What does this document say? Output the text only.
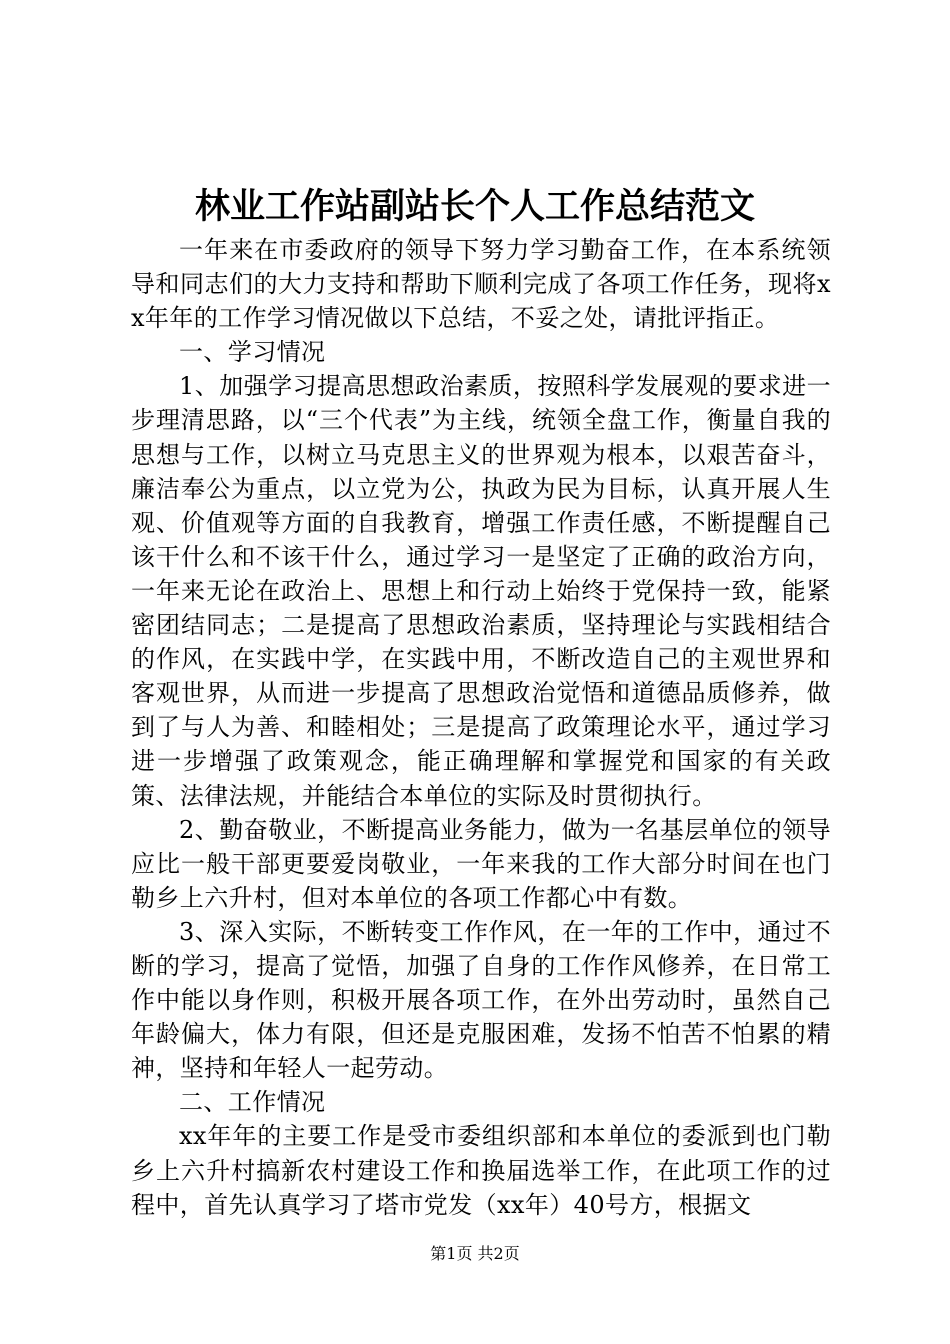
林业工作站副站长个人工作总结范文

一年来在市委政府的领导下努力学习勤奋工作，在本系统领导和同志们的大力支持和帮助下顺利完成了各项工作任务，现将xx年年的工作学习情况做以下总结，不妥之处，请批评指正。

一、学习情况

1、加强学习提高思想政治素质，按照科学发展观的要求进一步理清思路，以“三个代表”为主线，统领全盘工作，衡量自我的思想与工作，以树立马克思主义的世界观为根本，以艰苦奋斗，廉洁奉公为重点，以立党为公，执政为民为目标，认真开展人生观、价值观等方面的自我教育，增强工作责任感，不断提醒自己该干什么和不该干什么，通过学习一是坚定了正确的政治方向，一年来无论在政治上、思想上和行动上始终于党保持一致，能紧密团结同志；二是提高了思想政治素质，坚持理论与实践相结合的作风，在实践中学，在实践中用，不断改造自己的主观世界和客观世界，从而进一步提高了思想政治觉悟和道德品质修养，做到了与人为善、和睦相处；三是提高了政策理论水平，通过学习进一步增强了政策观念，能正确理解和掌握党和国家的有关政策、法律法规，并能结合本单位的实际及时贯彻执行。

2、勤奋敬业，不断提高业务能力，做为一名基层单位的领导应比一般干部更要爱岗敬业，一年来我的工作大部分时间在也门勒乡上六升村，但对本单位的各项工作都心中有数。

3、深入实际，不断转变工作作风，在一年的工作中，通过不断的学习，提高了觉悟，加强了自身的工作作风修养，在日常工作中能以身作则，积极开展各项工作，在外出劳动时，虽然自己年龄偏大，体力有限，但还是克服困难，发扬不怕苦不怕累的精神，坚持和年轻人一起劳动。

二、工作情况

xx年年的主要工作是受市委组织部和本单位的委派到也门勒乡上六升村搞新农村建设工作和换届选举工作，在此项工作的过程中，首先认真学习了塔市党发（xx年）40号方，根据文

第1页 共2页
